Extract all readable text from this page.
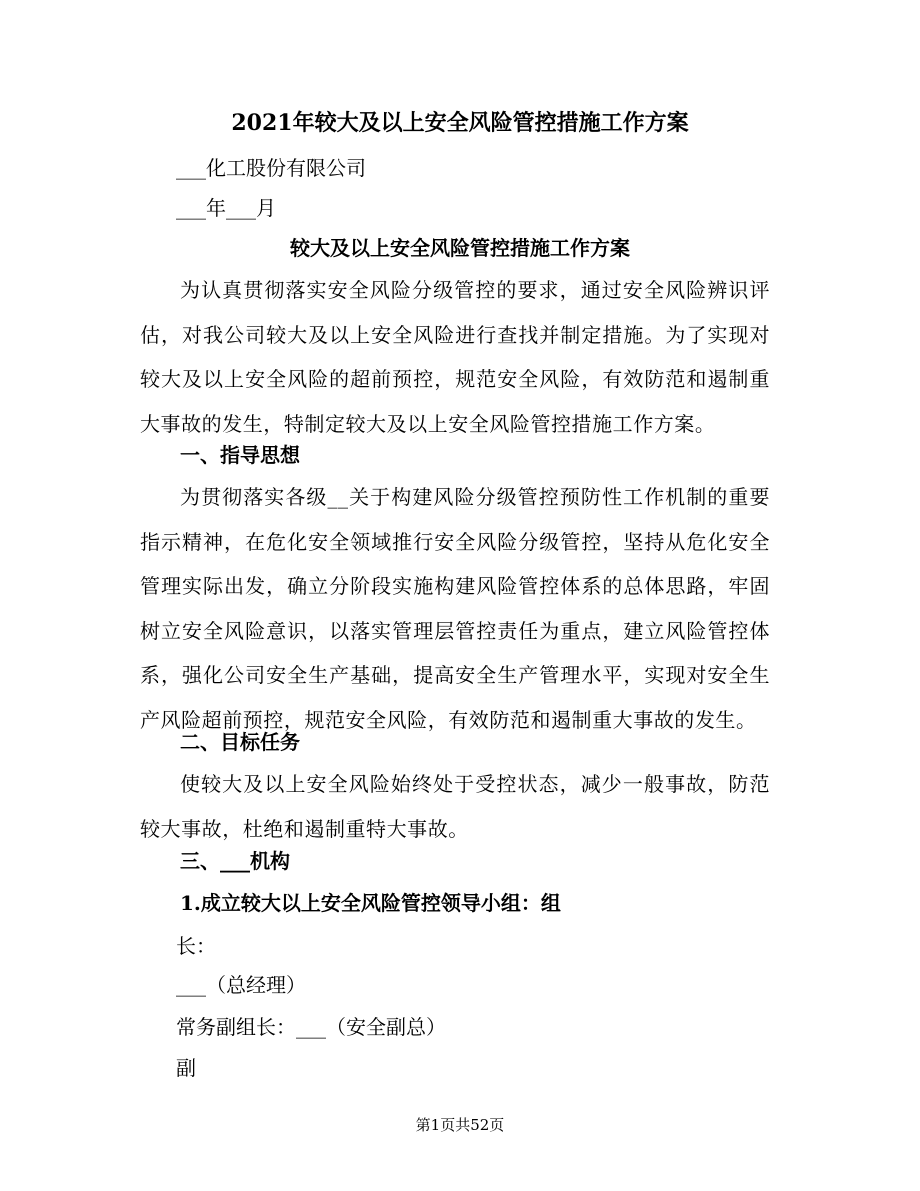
2021年较大及以上安全风险管控措施工作方案
___化工股份有限公司
___年___月
较大及以上安全风险管控措施工作方案
为认真贯彻落实安全风险分级管控的要求，通过安全风险辨识评估，对我公司较大及以上安全风险进行查找并制定措施。为了实现对较大及以上安全风险的超前预控，规范安全风险，有效防范和遏制重大事故的发生，特制定较大及以上安全风险管控措施工作方案。
一、指导思想
为贯彻落实各级__关于构建风险分级管控预防性工作机制的重要指示精神，在危化安全领域推行安全风险分级管控，坚持从危化安全管理实际出发，确立分阶段实施构建风险管控体系的总体思路，牢固树立安全风险意识，以落实管理层管控责任为重点，建立风险管控体系，强化公司安全生产基础，提高安全生产管理水平，实现对安全生产风险超前预控，规范安全风险，有效防范和遏制重大事故的发生。
二、目标任务
使较大及以上安全风险始终处于受控状态，减少一般事故，防范较大事故，杜绝和遏制重特大事故。
三、___机构
1.成立较大以上安全风险管控领导小组：组
长：
___（总经理）
常务副组长：___（安全副总）
副
第1页共52页
